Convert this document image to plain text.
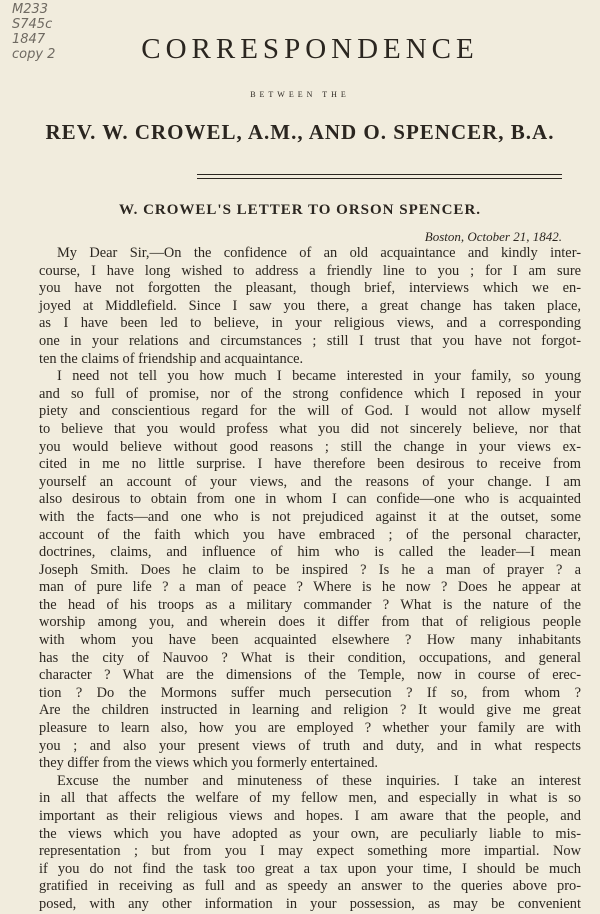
M233
S745c
1847
copy 2	CORRESPONDENCE
BETWEEN THE
REV. W. CROWEL, A.M., AND O. SPENCER, B.A.
W. CROWEL'S LETTER TO ORSON SPENCER.
Boston, October 21, 1842.
My Dear Sir,—On the confidence of an old acquaintance and kindly inter-
course, I have long wished to address a friendly line to you ; for I am sure
you have not forgotten the pleasant, though brief, interviews which we en-
joyed at Middlefield. Since I saw you there, a great change has taken place,
as I have been led to believe, in your religious views, and a corresponding
one in your relations and circumstances ; still I trust that you have not forgot-
ten the claims of friendship and acquaintance.
I need not tell you how much I became interested in your family, so young
and so full of promise, nor of the strong confidence which I reposed in your
piety and conscientious regard for the will of God. I would not allow myself
to believe that you would profess what you did not sincerely believe, nor that
you would believe without good reasons ; still the change in your views ex-
cited in me no little surprise. I have therefore been desirous to receive from
yourself an account of your views, and the reasons of your change. I am
also desirous to obtain from one in whom I can confide—one who is acquainted
with the facts—and one who is not prejudiced against it at the outset, some
account of the faith which you have embraced ; of the personal character,
doctrines, claims, and influence of him who is called the leader—I mean
Joseph Smith. Does he claim to be inspired ? Is he a man of prayer ? a
man of pure life ? a man of peace ? Where is he now ? Does he appear at
the head of his troops as a military commander ? What is the nature of the
worship among you, and wherein does it differ from that of religious people
with whom you have been acquainted elsewhere ? How many inhabitants
has the city of Nauvoo ? What is their condition, occupations, and general
character ? What are the dimensions of the Temple, now in course of erec-
tion ? Do the Mormons suffer much persecution ? If so, from whom ?
Are the children instructed in learning and religion ? It would give me great
pleasure to learn also, how you are employed ? whether your family are with
you ; and also your present views of truth and duty, and in what respects
they differ from the views which you formerly entertained.
Excuse the number and minuteness of these inquiries. I take an interest
in all that affects the welfare of my fellow men, and especially in what is so
important as their religious views and hopes. I am aware that the people, and
the views which you have adopted as your own, are peculiarly liable to mis-
representation ; but from you I may expect something more impartial. Now
if you do not find the task too great a tax upon your time, I should be much
gratified in receiving as full and as speedy an answer to the queries above pro-
posed, with any other information in your possession, as may be convenient
